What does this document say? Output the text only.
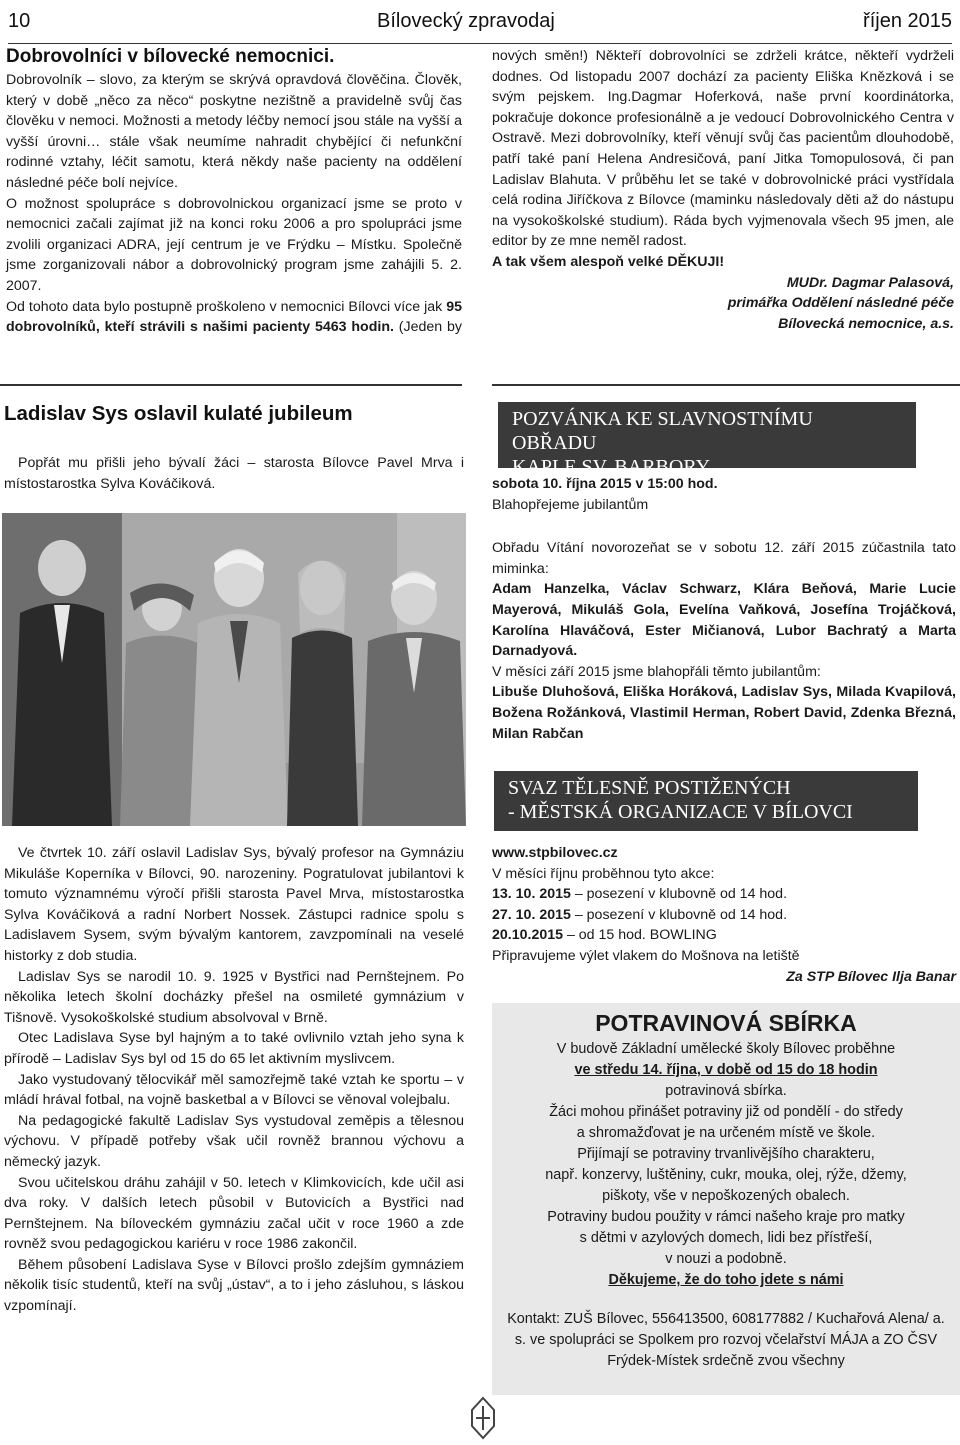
10	Bílovecký zpravodaj	říjen 2015
Dobrovolníci v bílovecké nemocnici.

Dobrovolník – slovo, za kterým se skrývá opravdová člověčina. Člověk, který v době „něco za něco“ poskytne nezištně a pravidelně svůj čas člověku v nemoci. Možnosti a metody léčby nemocí jsou stále na vyšší a vyšší úrovni… stále však neumíme nahradit chybějící či nefunkční rodinné vztahy, léčit samotu, která někdy naše pacienty na oddělení následné péče bolí nejvíce.

O možnost spolupráce s dobrovolnickou organizací jsme se proto v nemocnici začali zajímat již na konci roku 2006 a pro spolupráci jsme zvolili organizaci ADRA, její centrum je ve Frýdku – Místku. Společně jsme zorganizovali nábor a dobrovolnický program jsme zahájili 5. 2. 2007.

Od tohoto data bylo postupně proškoleno v nemocnici Bílovci více jak 95 dobrovolníků, kteří strávili s našimi pacienty 5463 hodin. (Jeden by

nových směn!) Někteří dobrovolníci se zdrželi krátce, někteří vydrželi dodnes. Od listopadu 2007 dochází za pacienty Eliška Knězková i se svým pejskem. Ing.Dagmar Hoferková, naše první koordinátorka, pokračuje dokonce profesionálně a je vedoucí Dobrovolnického Centra v Ostravě. Mezi dobrovolníky, kteří věnují svůj čas pacientům dlouhodobě, patří také paní Helena Andresičová, paní Jitka Tomopulosová, či pan Ladislav Blahuta. V průběhu let se také v dobrovolnické práci vystřídala celá rodina Jiříčkova z Bílovce (maminku následovaly děti až do nástupu na vysokoškolské studium). Ráda bych vyjmenovala všech 95 jmen, ale editor by ze mne neměl radost.

A tak všem alespoň velké DĚKUJI!

MUDr. Dagmar Palasová,

primářka Oddělení následné péče

Bílovecká nemocnice, a.s.

Ladislav Sys oslavil kulaté jubileum

Popřát mu přišli jeho bývalí žáci – starosta Bílovce Pavel Mrva i místostarostka Sylva Kováčiková.

Ve čtvrtek 10. září oslavil Ladislav Sys, bývalý profesor na Gymnáziu Mikuláše Koperníka v Bílovci, 90. narozeniny. Pogratulovat jubilantovi k tomuto významnému výročí přišli starosta Pavel Mrva, místostarostka Sylva Kováčiková a radní Norbert Nossek. Zástupci radnice spolu s Ladislavem Sysem, svým bývalým kantorem, zavzpomínali na veselé historky z dob studia.

Ladislav Sys se narodil 10. 9. 1925 v Bystřici nad Pernštejnem. Po několika letech školní docházky přešel na osmileté gymnázium v Tišnově. Vysokoškolské studium absolvoval v Brně.

Otec Ladislava Syse byl hajným a to také ovlivnilo vztah jeho syna k přírodě – Ladislav Sys byl od 15 do 65 let aktivním myslivcem.

Jako vystudovaný tělocvikář měl samozřejmě také vztah ke sportu – v mládí hrával fotbal, na vojně basketbal a v Bílovci se věnoval volejbalu.

Na pedagogické fakultě Ladislav Sys vystudoval zeměpis a tělesnou výchovu. V případě potřeby však učil rovněž brannou výchovu a německý jazyk.

Svou učitelskou dráhu zahájil v 50. letech v Klimkovicích, kde učil asi dva roky. V dalších letech působil v Butovicích a Bystřici nad Pernštejnem. Na bíloveckém gymnáziu začal učit v roce 1960 a zde rovněž svou pedagogickou kariéru v roce 1986 zakončil.

Během působení Ladislava Syse v Bílovci prošlo zdejším gymnáziem několik tisíc studentů, kteří na svůj „ústav“, a to i jeho zásluhou, s láskou vzpomínají.

POZVÁNKA KE SLAVNOSTNÍMU OBŘADU
KAPLE SV. BARBORY

sobota 10. října 2015 v 15:00 hod.

Blahopřejeme jubilantům

Obřadu Vítání novorozeňat se v sobotu 12. září 2015 zúčastnila tato miminka:

Adam Hanzelka, Václav Schwarz, Klára Beňová, Marie Lucie Mayerová, Mikuláš Gola, Evelína Vaňková, Josefína Trojáčková, Karolína Hlaváčová, Ester Mičianová, Lubor Bachratý a Marta Darnadyová.

V měsíci září 2015 jsme blahopřáli těmto jubilantům:

Libuše Dluhošová, Eliška Horáková, Ladislav Sys, Milada Kvapilová, Božena Rožánková, Vlastimil Herman, Robert David, Zdenka Březná, Milan Rabčan

SVAZ TĚLESNĚ POSTIŽENÝCH
- MĚSTSKÁ ORGANIZACE V BÍLOVCI

www.stpbilovec.cz

V měsíci říjnu proběhnou tyto akce:

13. 10. 2015 – posezení v klubovně od 14 hod.

27. 10. 2015 – posezení v klubovně od 14 hod.

20.10.2015 – od 15 hod. BOWLING

Připravujeme výlet vlakem do Mošnova na letiště

Za STP Bílovec Ilja Banar

POTRAVINOVÁ SBÍRKA

V budově Základní umělecké školy Bílovec proběhne

ve středu 14. října, v době od 15 do 18 hodin

potravinová sbírka.

Žáci mohou přinášet potraviny již od pondělí - do středy

a shromažďovat je na určeném místě ve škole.

Přijímají se potraviny trvanlivějšího charakteru,

např. konzervy, luštěniny, cukr, mouka, olej, rýže, džemy,

piškoty, vše v nepoškozených obalech.

Potraviny budou použity v rámci našeho kraje pro matky

s dětmi v azylových domech, lidi bez přístřeší,

v nouzi a podobně.

Děkujeme, že do toho jdete s námi

Kontakt: ZUŠ Bílovec, 556413500, 608177882 / Kuchařová Alena/ a. s. ve spolupráci se Spolkem pro rozvoj včelařství MÁJA a ZO ČSV Frýdek-Místek srdečně zvou všechny
